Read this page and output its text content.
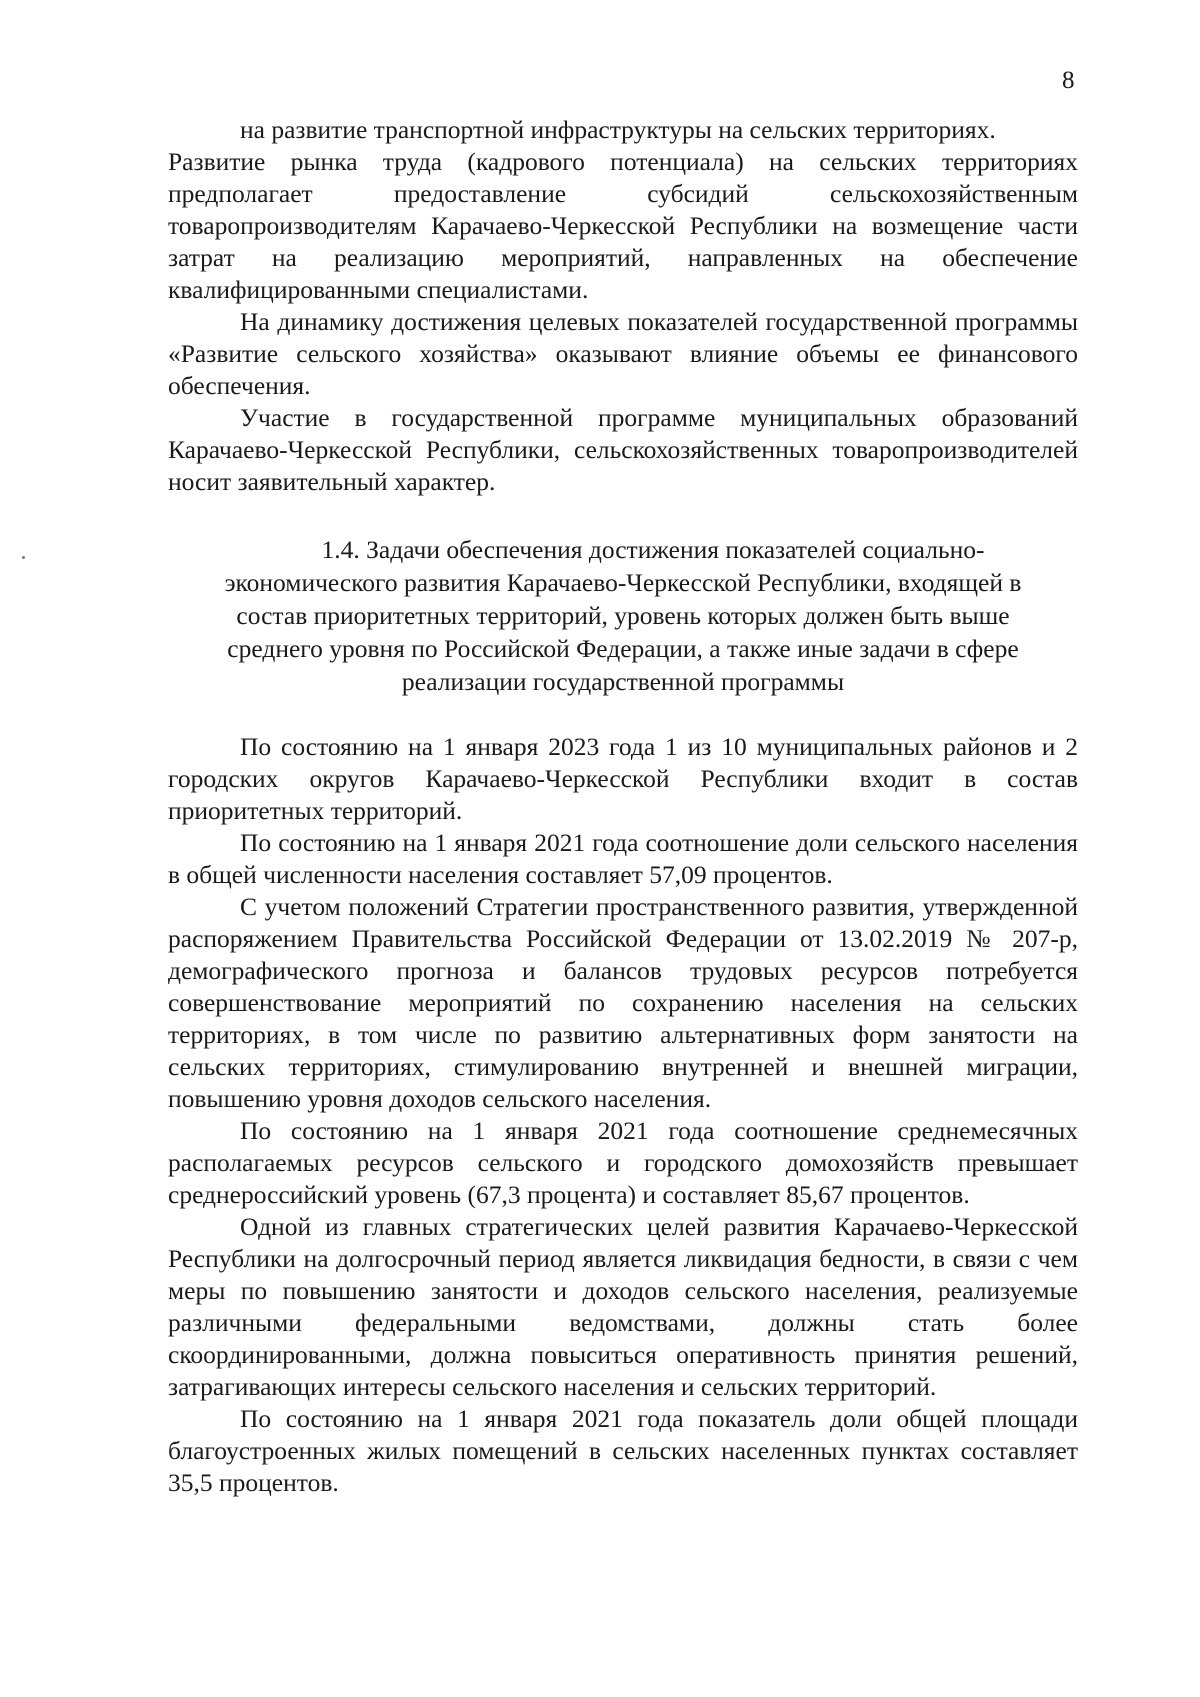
8

на развитие транспортной инфраструктуры на сельских территориях.

Развитие рынка труда (кадрового потенциала) на сельских территориях предполагает предоставление субсидий сельскохозяйственным товаропроизводителям Карачаево-Черкесской Республики на возмещение части затрат на реализацию мероприятий, направленных на обеспечение квалифицированными специалистами.

На динамику достижения целевых показателей государственной программы «Развитие сельского хозяйства» оказывают влияние объемы ее финансового обеспечения.

Участие в государственной программе муниципальных образований Карачаево-Черкесской Республики, сельскохозяйственных товаропроизводителей носит заявительный характер.

1.4. Задачи обеспечения достижения показателей социально-
экономического развития Карачаево-Черкесской Республики, входящей в
состав приоритетных территорий, уровень которых должен быть выше
среднего уровня по Российской Федерации, а также иные задачи в сфере
реализации государственной программы

По состоянию на 1 января 2023 года 1 из 10 муниципальных районов и 2 городских округов Карачаево-Черкесской Республики входит в состав приоритетных территорий.

По состоянию на 1 января 2021 года соотношение доли сельского населения в общей численности населения составляет 57,09 процентов.

С учетом положений Стратегии пространственного развития, утвержденной распоряжением Правительства Российской Федерации от 13.02.2019 № 207-р, демографического прогноза и балансов трудовых ресурсов потребуется совершенствование мероприятий по сохранению населения на сельских территориях, в том числе по развитию альтернативных форм занятости на сельских территориях, стимулированию внутренней и внешней миграции, повышению уровня доходов сельского населения.

По состоянию на 1 января 2021 года соотношение среднемесячных располагаемых ресурсов сельского и городского домохозяйств превышает среднероссийский уровень (67,3 процента) и составляет 85,67 процентов.

Одной из главных стратегических целей развития Карачаево-Черкесской Республики на долгосрочный период является ликвидация бедности, в связи с чем меры по повышению занятости и доходов сельского населения, реализуемые различными федеральными ведомствами, должны стать более скоординированными, должна повыситься оперативность принятия решений, затрагивающих интересы сельского населения и сельских территорий.

По состоянию на 1 января 2021 года показатель доли общей площади благоустроенных жилых помещений в сельских населенных пунктах составляет 35,5 процентов.
